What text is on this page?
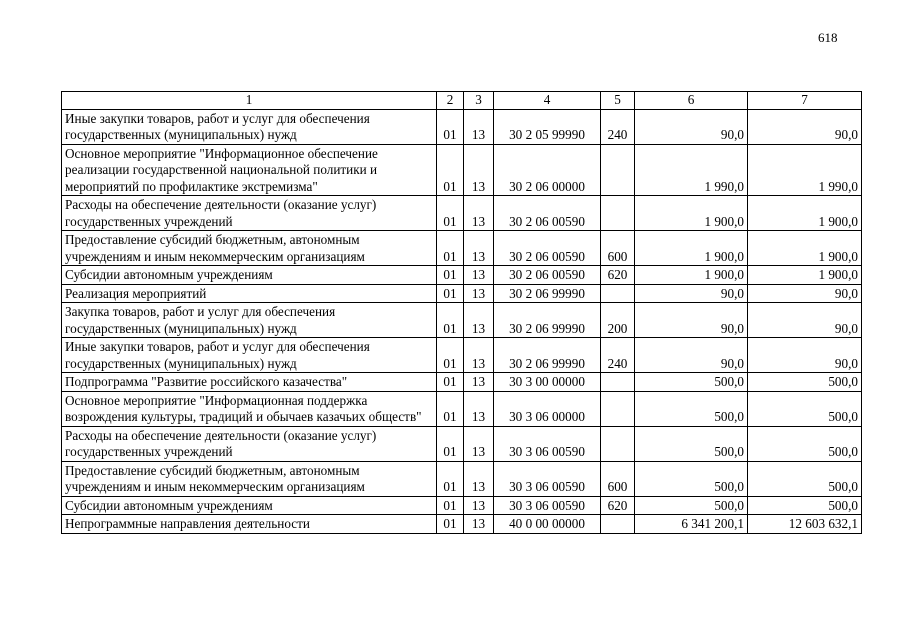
618
1	2	3	4	5	6	7
Иные закупки товаров, работ и услуг для обеспечения государственных (муниципальных) нужд	01	13	30 2 05 99990	240	90,0	90,0
Основное мероприятие "Информационное обеспечение реализации государственной национальной политики и мероприятий по профилактике экстремизма"	01	13	30 2 06 00000		1 990,0	1 990,0
Расходы на обеспечение деятельности (оказание услуг) государственных учреждений	01	13	30 2 06 00590		1 900,0	1 900,0
Предоставление субсидий бюджетным, автономным учреждениям и иным некоммерческим организациям	01	13	30 2 06 00590	600	1 900,0	1 900,0
Субсидии автономным учреждениям	01	13	30 2 06 00590	620	1 900,0	1 900,0
Реализация мероприятий	01	13	30 2 06 99990		90,0	90,0
Закупка товаров, работ и услуг для обеспечения государственных (муниципальных) нужд	01	13	30 2 06 99990	200	90,0	90,0
Иные закупки товаров, работ и услуг для обеспечения государственных (муниципальных) нужд	01	13	30 2 06 99990	240	90,0	90,0
Подпрограмма "Развитие российского казачества"	01	13	30 3 00 00000		500,0	500,0
Основное мероприятие "Информационная поддержка возрождения культуры, традиций и обычаев казачьих обществ"	01	13	30 3 06 00000		500,0	500,0
Расходы на обеспечение деятельности (оказание услуг) государственных учреждений	01	13	30 3 06 00590		500,0	500,0
Предоставление субсидий бюджетным, автономным учреждениям и иным некоммерческим организациям	01	13	30 3 06 00590	600	500,0	500,0
Субсидии автономным учреждениям	01	13	30 3 06 00590	620	500,0	500,0
Непрограммные направления деятельности	01	13	40 0 00 00000		6 341 200,1	12 603 632,1
